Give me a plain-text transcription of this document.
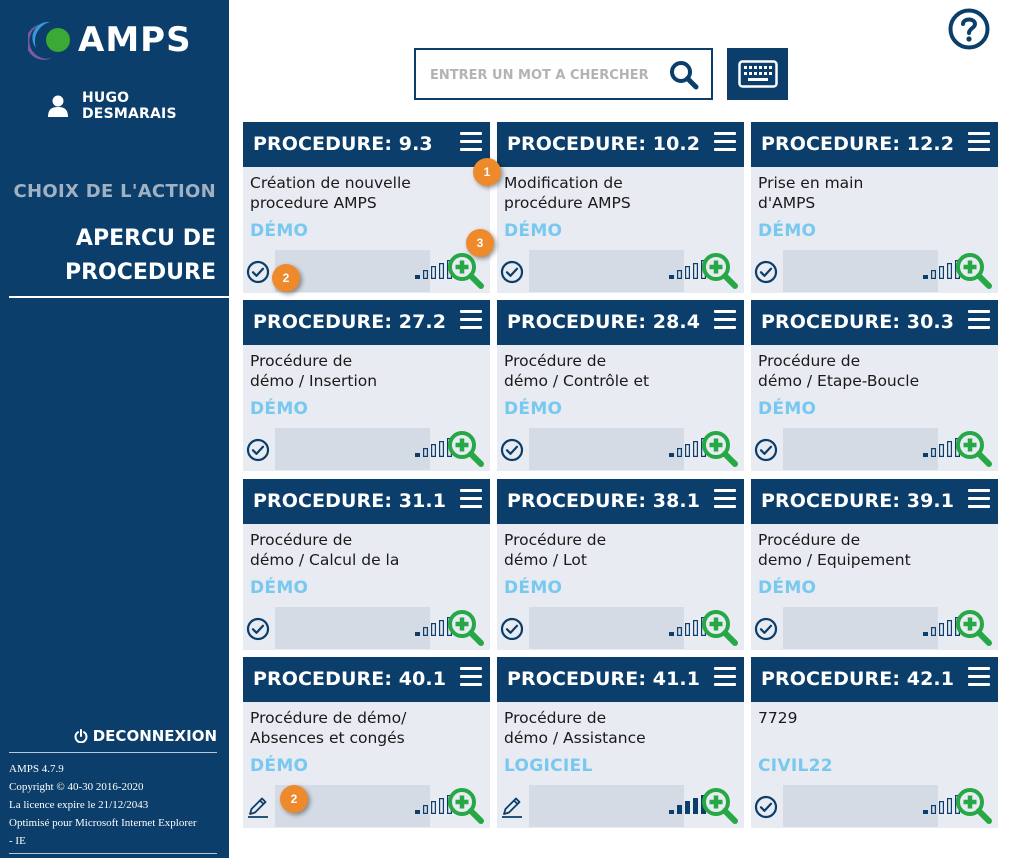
AMPS
HUGO DESMARAIS
CHOIX DE L'ACTION
APERCU DE
PROCEDURE
DECONNEXION
AMPS 4.7.9
Copyright © 40-30 2016-2020
La licence expire le 21/12/2043
Optimisé pour Microsoft Internet Explorer
- IE
ENTRER UN MOT À CHERCHER
PROCEDURE: 9.3
Création de nouvelle
procedure AMPS
DÉMO
PROCEDURE: 10.2
Modification de
procédure AMPS
DÉMO
PROCEDURE: 12.2
Prise en main
d'AMPS
DÉMO
PROCEDURE: 27.2
Procédure de
démo / Insertion
DÉMO
PROCEDURE: 28.4
Procédure de
démo / Contrôle et
DÉMO
PROCEDURE: 30.3
Procédure de
démo / Etape-Boucle
DÉMO
PROCEDURE: 31.1
Procédure de
démo / Calcul de la
DÉMO
PROCEDURE: 38.1
Procédure de
démo / Lot
DÉMO
PROCEDURE: 39.1
Procédure de
demo / Equipement
DÉMO
PROCEDURE: 40.1
Procédure de démo/
Absences et congés
DÉMO
PROCEDURE: 41.1
Procédure de
démo / Assistance
LOGICIEL
PROCEDURE: 42.1
7729
CIVIL22
1
2
3
2
